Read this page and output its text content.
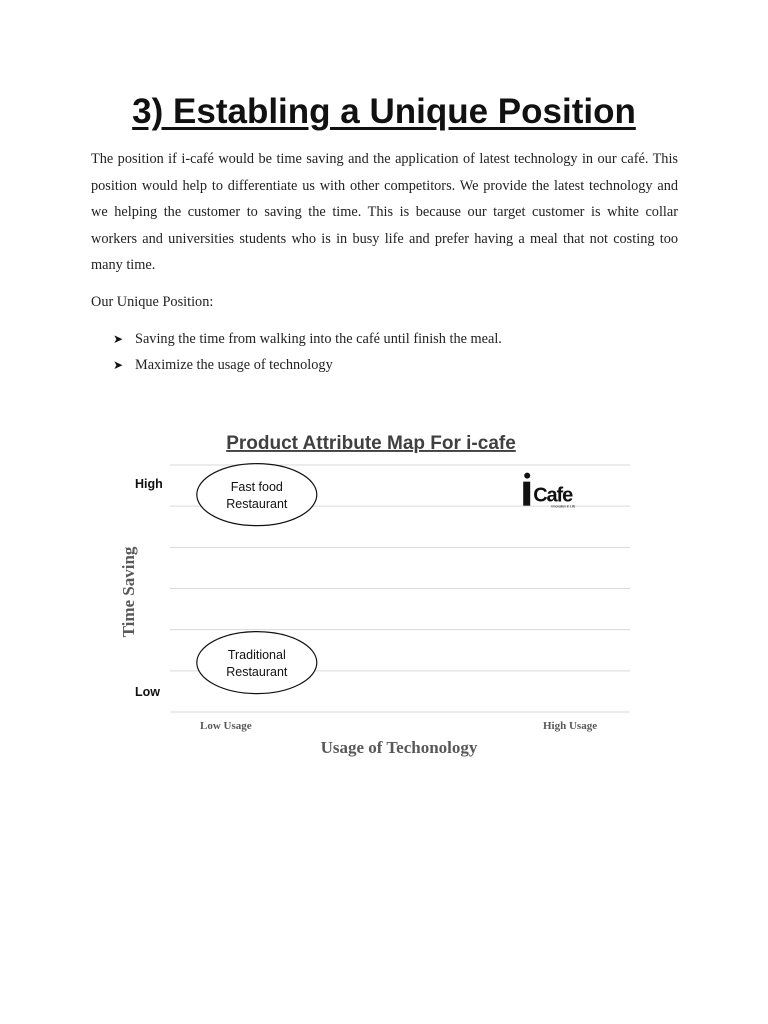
3) Establing a Unique Position

The position if i-café would be time saving and the application of latest technology in our café. This position would help to differentiate us with other competitors. We provide the latest technology and we helping the customer to saving the time. This is because our target customer is white collar workers and universities students who is in busy life and prefer having a meal that not costing too many time.

Our Unique Position:

➤ Saving the time from walking into the café until finish the meal.
➤ Maximize the usage of technology
Product Attribute Map For i-cafe
High
Low
Time Saving
Low Usage	High Usage
Usage of Techonology
Fast food
Restaurant
Traditional
Restaurant
Cafe
Innovation in Life
